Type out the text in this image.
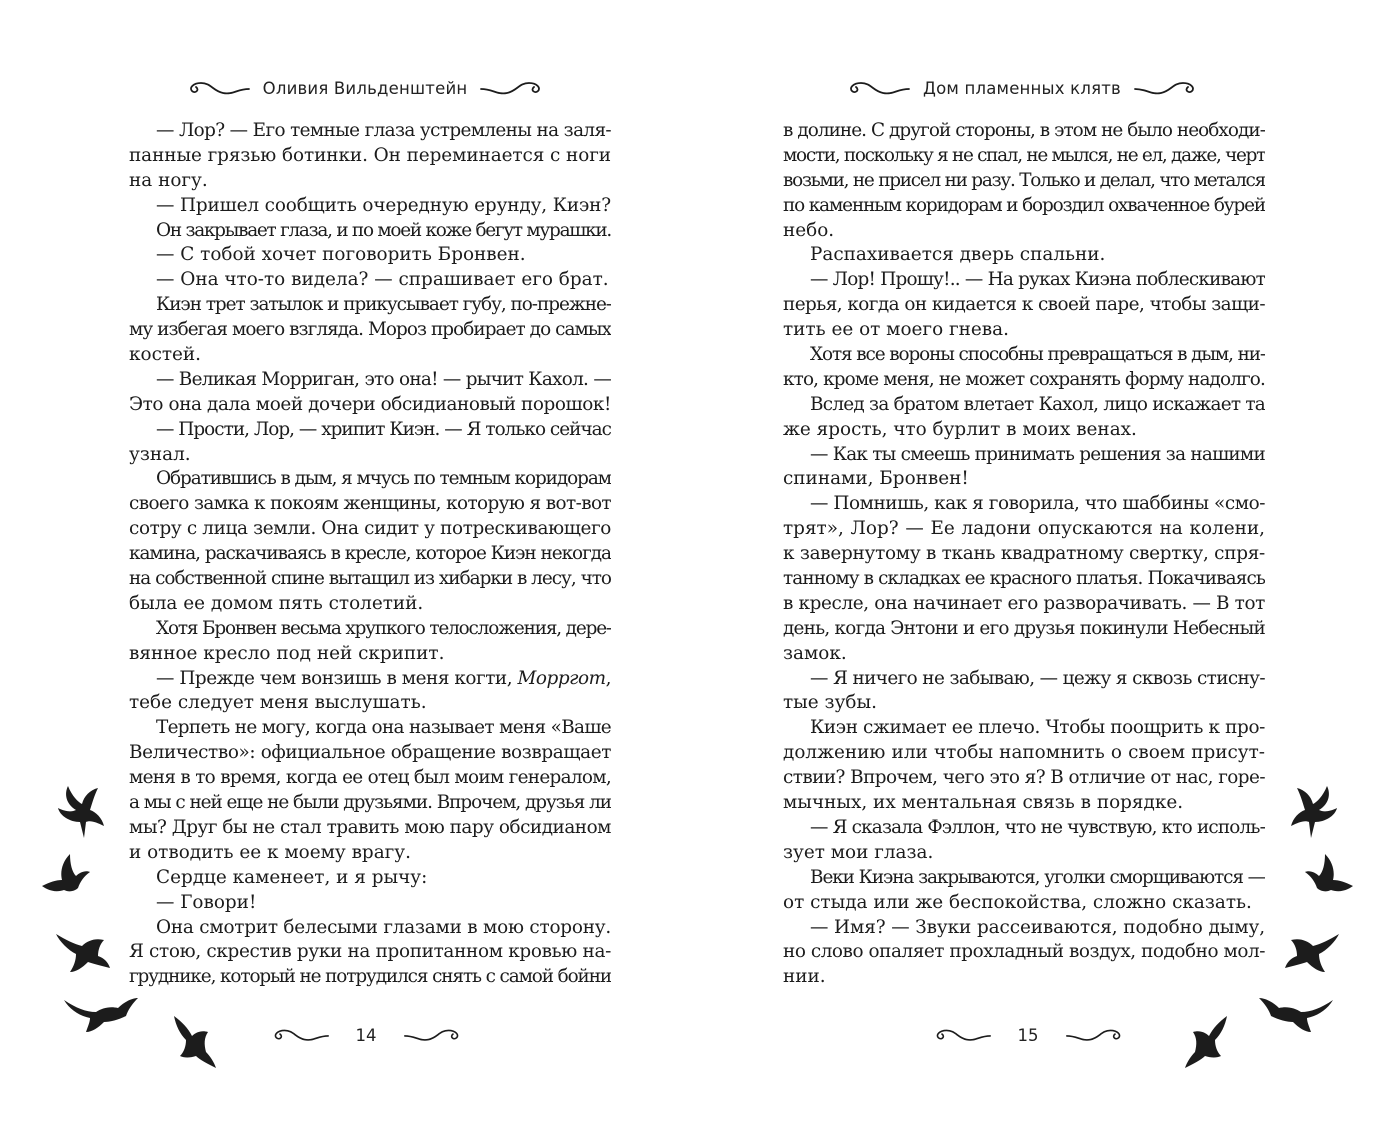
Оливия Вильденштейн
— Лор? — Его темные глаза устремлены на заля-
панные грязью ботинки. Он переминается с ноги
на ногу.
— Пришел сообщить очередную ерунду, Киэн?
Он закрывает глаза, и по моей коже бегут мурашки.
— С тобой хочет поговорить Бронвен.
— Она что-то видела? — спрашивает его брат.
Киэн трет затылок и прикусывает губу, по-прежне-
му избегая моего взгляда. Мороз пробирает до самых
костей.
— Великая Морриган, это она! — рычит Кахол. —
Это она дала моей дочери обсидиановый порошок!
— Прости, Лор, — хрипит Киэн. — Я только сейчас
узнал.
Обратившись в дым, я мчусь по темным коридорам
своего замка к покоям женщины, которую я вот-вот
сотру с лица земли. Она сидит у потрескивающего
камина, раскачиваясь в кресле, которое Киэн некогда
на собственной спине вытащил из хибарки в лесу, что
была ее домом пять столетий.
Хотя Бронвен весьма хрупкого телосложения, дере-
вянное кресло под ней скрипит.
— Прежде чем вонзишь в меня когти, Морргот,
тебе следует меня выслушать.
Терпеть не могу, когда она называет меня «Ваше
Величество»: официальное обращение возвращает
меня в то время, когда ее отец был моим генералом,
а мы с ней еще не были друзьями. Впрочем, друзья ли
мы? Друг бы не стал травить мою пару обсидианом
и отводить ее к моему врагу.
Сердце каменеет, и я рычу:
— Говори!
Она смотрит белесыми глазами в мою сторону.
Я стою, скрестив руки на пропитанном кровью на-
груднике, который не потрудился снять с самой бойни
14
Дом пламенных клятв
в долине. С другой стороны, в этом не было необходи-
мости, поскольку я не спал, не мылся, не ел, даже, черт
возьми, не присел ни разу. Только и делал, что метался
по каменным коридорам и бороздил охваченное бурей
небо.
Распахивается дверь спальни.
— Лор! Прошу!.. — На руках Киэна поблескивают
перья, когда он кидается к своей паре, чтобы защи-
тить ее от моего гнева.
Хотя все вороны способны превращаться в дым, ни-
кто, кроме меня, не может сохранять форму надолго.
Вслед за братом влетает Кахол, лицо искажает та
же ярость, что бурлит в моих венах.
— Как ты смеешь принимать решения за нашими
спинами, Бронвен!
— Помнишь, как я говорила, что шаббины «смо-
трят», Лор? — Ее ладони опускаются на колени,
к завернутому в ткань квадратному свертку, спря-
танному в складках ее красного платья. Покачиваясь
в кресле, она начинает его разворачивать. — В тот
день, когда Энтони и его друзья покинули Небесный
замок.
— Я ничего не забываю, — цежу я сквозь стисну-
тые зубы.
Киэн сжимает ее плечо. Чтобы поощрить к про-
должению или чтобы напомнить о своем присут-
ствии? Впрочем, чего это я? В отличие от нас, горе-
мычных, их ментальная связь в порядке.
— Я сказала Фэллон, что не чувствую, кто исполь-
зует мои глаза.
Веки Киэна закрываются, уголки сморщиваются —
от стыда или же беспокойства, сложно сказать.
— Имя? — Звуки рассеиваются, подобно дыму,
но слово опаляет прохладный воздух, подобно мол-
нии.
15
